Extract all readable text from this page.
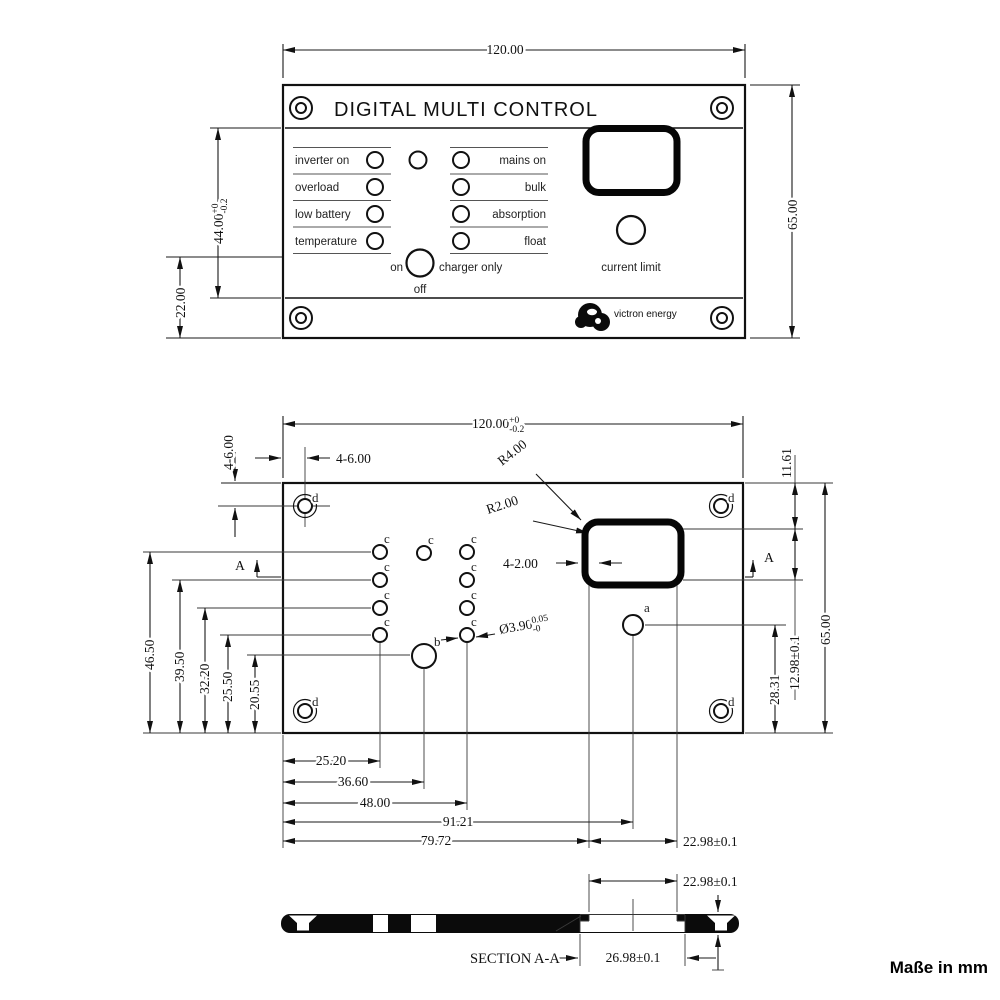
120.00
65.00
$44.00^{+0}-0.2$
22.00
DIGITAL MULTI CONTROL
inverter on
overload
low battery
temperature
mains on
bulk
absorption
float
on	charger only
off
current limit
victron energy
$120.00^{+0}$ -0.2
d	d
d	d
4-6.00
4-6.00	R4.00
R2.00
4-2.00
c
c
c
c
c	c
c
c
c
b
a
$Ø3.90^{0.05}-0$
A
A
46.50 39.50 32.20 25.50 20.55
11.61
12.98±0.1
28.31
65.00
25.20
36.60
48.00
91.21
79.72	22.98±0.1
22.98±0.1
26.98±0.1
SECTION A-A	Maße in mm
